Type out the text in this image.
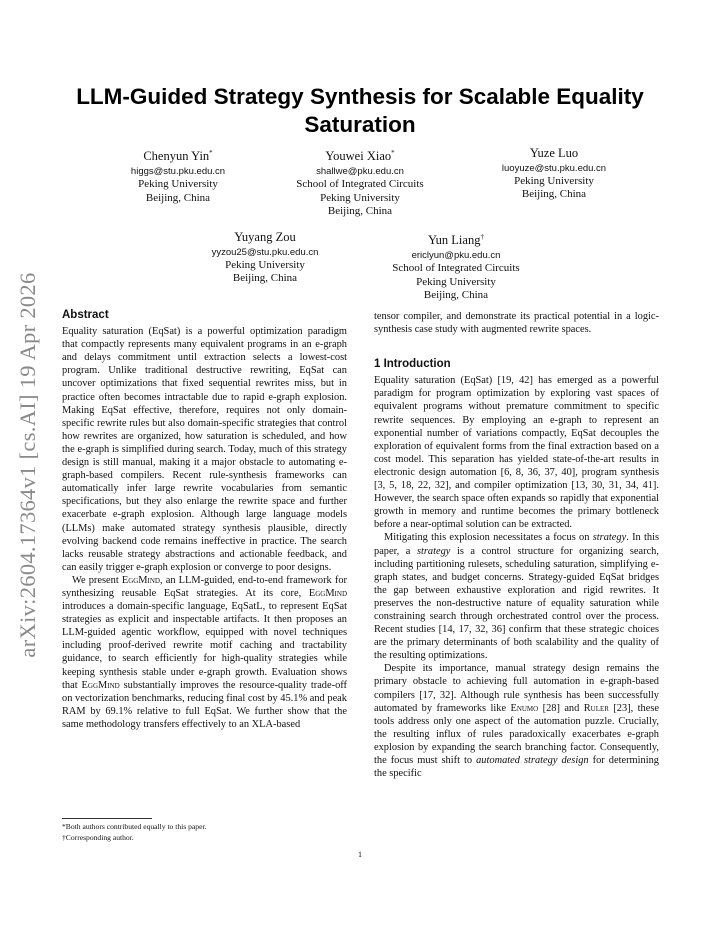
arXiv:2604.17364v1 [cs.AI] 19 Apr 2026
LLM-Guided Strategy Synthesis for Scalable Equality Saturation
Chenyun Yin*
higgs@stu.pku.edu.cn
Peking University
Beijing, China
Youwei Xiao*
shallwe@pku.edu.cn
School of Integrated Circuits
Peking University
Beijing, China
Yuze Luo
luoyuze@stu.pku.edu.cn
Peking University
Beijing, China
Yuyang Zou
yyzou25@stu.pku.edu.cn
Peking University
Beijing, China
Yun Liang†
ericlyun@pku.edu.cn
School of Integrated Circuits
Peking University
Beijing, China
Abstract

Equality saturation (EqSat) is a powerful optimization paradigm that compactly represents many equivalent programs in an e-graph and delays commitment until extraction selects a lowest-cost program. Unlike traditional destructive rewriting, EqSat can uncover optimizations that fixed sequential rewrites miss, but in practice often becomes intractable due to rapid e-graph explosion. Making EqSat effective, therefore, requires not only domain-specific rewrite rules but also domain-specific strategies that control how rewrites are organized, how saturation is scheduled, and how the e-graph is simplified during search. Today, much of this strategy design is still manual, making it a major obstacle to automating e-graph-based compilers. Recent rule-synthesis frameworks can automatically infer large rewrite vocabularies from semantic specifications, but they also enlarge the rewrite space and further exacerbate e-graph explosion. Although large language models (LLMs) make automated strategy synthesis plausible, directly evolving backend code remains ineffective in practice. The search lacks reusable strategy abstractions and actionable feedback, and can easily trigger e-graph explosion or converge to poor designs.

We present EggMind, an LLM-guided, end-to-end framework for synthesizing reusable EqSat strategies. At its core, EggMind introduces a domain-specific language, EqSatL, to represent EqSat strategies as explicit and inspectable artifacts. It then proposes an LLM-guided agentic workflow, equipped with novel techniques including proof-derived rewrite motif caching and tractability guidance, to search efficiently for high-quality strategies while keeping synthesis stable under e-graph growth. Evaluation shows that EggMind substantially improves the resource-quality trade-off on vectorization benchmarks, reducing final cost by 45.1% and peak RAM by 69.1% relative to full EqSat. We further show that the same methodology transfers effectively to an XLA-based

tensor compiler, and demonstrate its practical potential in a logic-synthesis case study with augmented rewrite spaces.

1 Introduction

Equality saturation (EqSat) [19, 42] has emerged as a powerful paradigm for program optimization by exploring vast spaces of equivalent programs without premature commitment to specific rewrite sequences. By employing an e-graph to represent an exponential number of variations compactly, EqSat decouples the exploration of equivalent forms from the final extraction based on a cost model. This separation has yielded state-of-the-art results in electronic design automation [6, 8, 36, 37, 40], program synthesis [3, 5, 18, 22, 32], and compiler optimization [13, 30, 31, 34, 41]. However, the search space often expands so rapidly that exponential growth in memory and runtime becomes the primary bottleneck before a near-optimal solution can be extracted.

Mitigating this explosion necessitates a focus on strategy. In this paper, a strategy is a control structure for organizing search, including partitioning rulesets, scheduling saturation, simplifying e-graph states, and budget concerns. Strategy-guided EqSat bridges the gap between exhaustive exploration and rigid rewrites. It preserves the non-destructive nature of equality saturation while constraining search through orchestrated control over the process. Recent studies [14, 17, 32, 36] confirm that these strategic choices are the primary determinants of both scalability and the quality of the resulting optimizations.

Despite its importance, manual strategy design remains the primary obstacle to achieving full automation in e-graph-based compilers [17, 32]. Although rule synthesis has been successfully automated by frameworks like Enumo [28] and Ruler [23], these tools address only one aspect of the automation puzzle. Crucially, the resulting influx of rules paradoxically exacerbates e-graph explosion by expanding the search branching factor. Consequently, the focus must shift to automated strategy design for determining the specific

*Both authors contributed equally to this paper.
†Corresponding author.
1
